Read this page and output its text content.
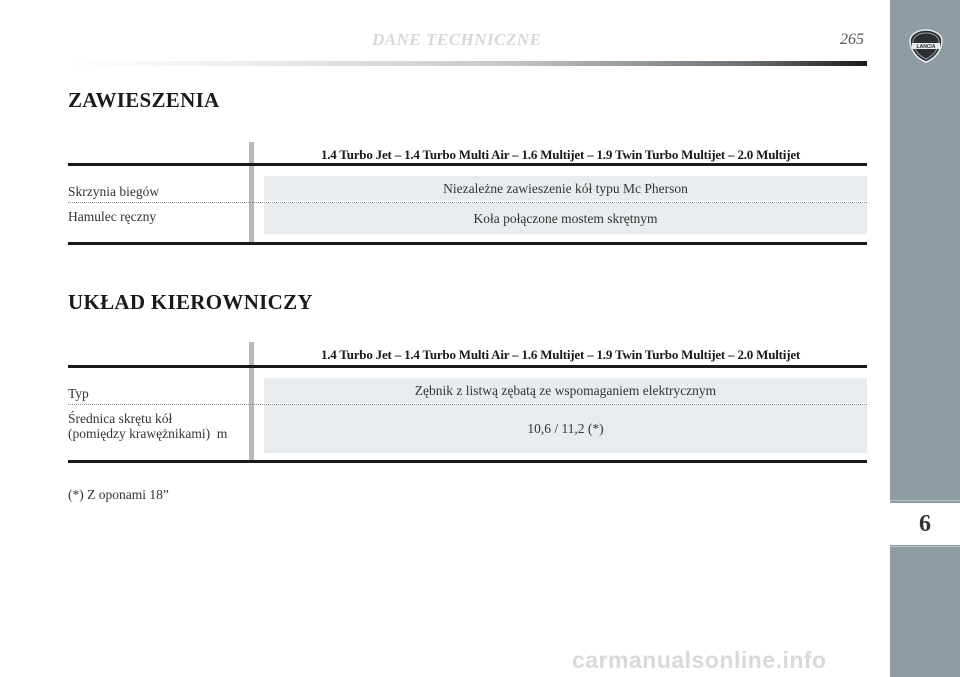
DANE TECHNICZNE	265
6
LANCIA
ZAWIESZENIA
1.4 Turbo Jet – 1.4 Turbo Multi Air – 1.6 Multijet – 1.9 Twin Turbo Multijet – 2.0 Multijet
Niezależne zawieszenie kół typu Mc Pherson
Skrzynia biegów
Koła połączone mostem skrętnym
Hamulec ręczny
UKŁAD KIEROWNICZY
1.4 Turbo Jet – 1.4 Turbo Multi Air – 1.6 Multijet – 1.9 Twin Turbo Multijet – 2.0 Multijet
Zębnik z listwą zębatą ze wspomaganiem elektrycznym
Typ
10,6 / 11,2 (*)
Średnica skrętu kół
(pomiędzy krawężnikami)  m
(*) Z oponami 18”
carmanualsonline.info
